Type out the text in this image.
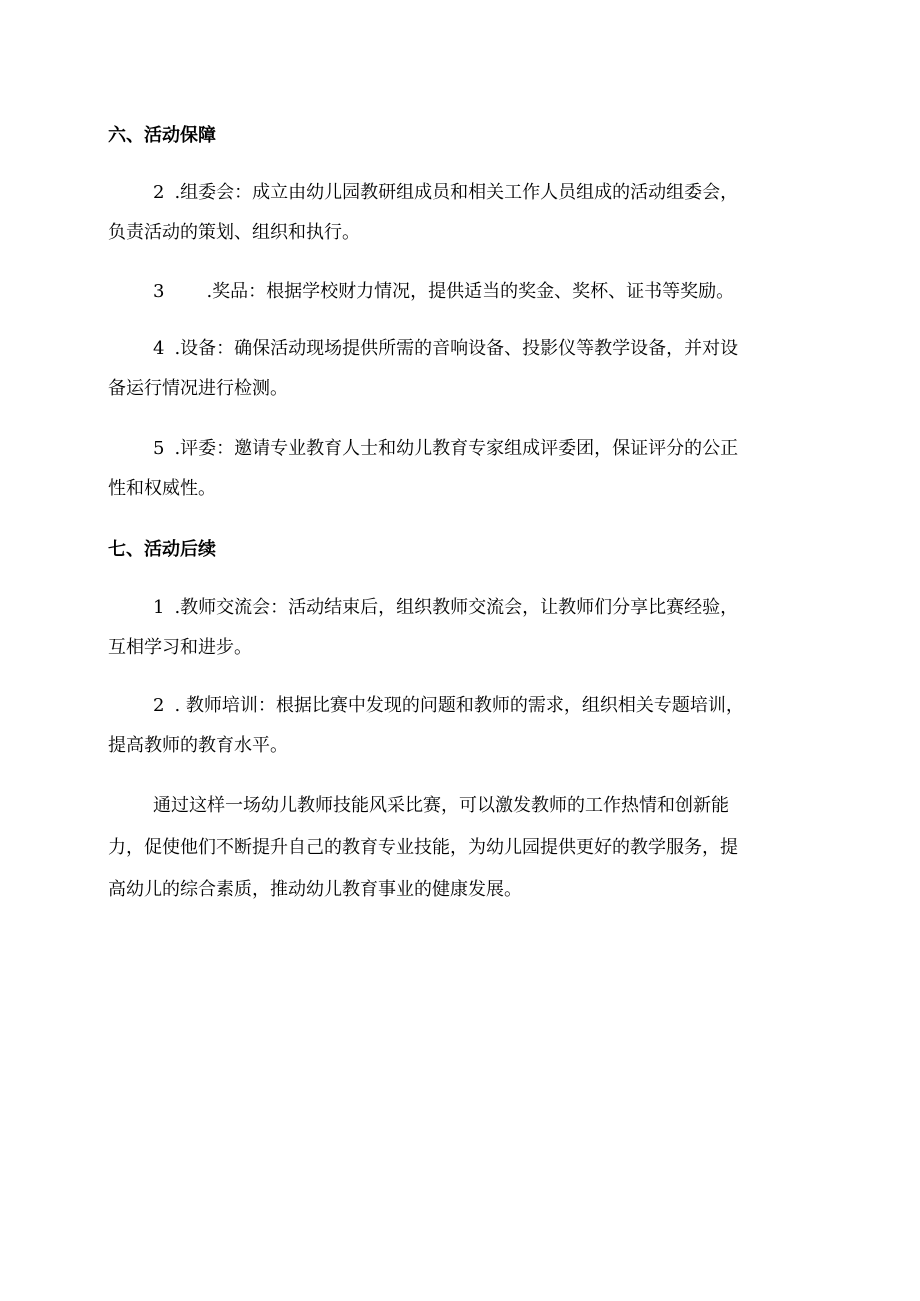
六、活动保障
2 .组委会：成立由幼儿园教研组成员和相关工作人员组成的活动组委会，
负责活动的策划、组织和执行。
3 .奖品：根据学校财力情况，提供适当的奖金、奖杯、证书等奖励。
4 .设备：确保活动现场提供所需的音响设备、投影仪等教学设备，并对设
备运行情况进行检测。
5 .评委：邀请专业教育人士和幼儿教育专家组成评委团，保证评分的公正
性和权威性。
七、活动后续
1 .教师交流会：活动结束后，组织教师交流会，让教师们分享比赛经验，
互相学习和进步。
2 . 教师培训：根据比赛中发现的问题和教师的需求，组织相关专题培训，
提高教师的教育水平。
通过这样一场幼儿教师技能风采比赛，可以激发教师的工作热情和创新能
力，促使他们不断提升自己的教育专业技能，为幼儿园提供更好的教学服务，提
高幼儿的综合素质，推动幼儿教育事业的健康发展。
